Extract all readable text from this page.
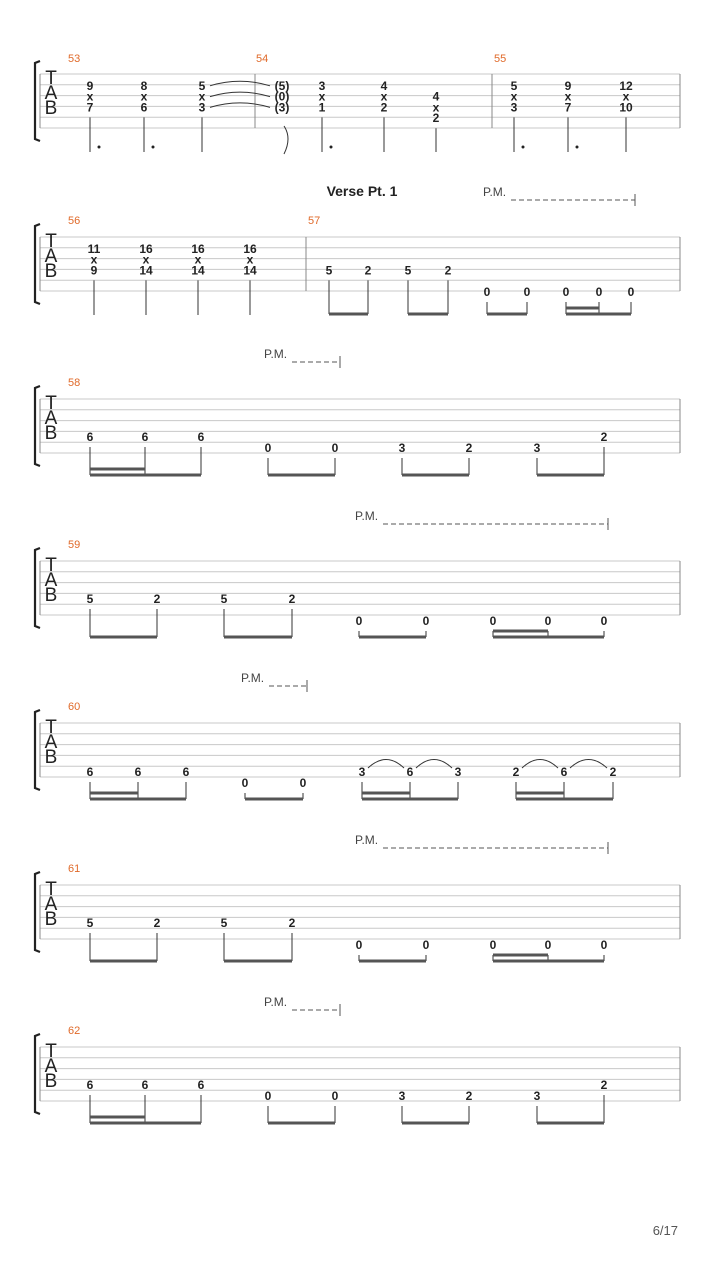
T
A
B
53	54	55
9
x
7
8
x
6
5
x
3
(5)
(0)
(3)
3
x
1
4
x
2
4
x
2
5
x
3
9
x
7
12
x
10
Verse Pt. 1	P.M.
T
A
B
56	57
11
x
9
16
x
14
16
x
14
16
x
14	5	2	5	2
0	0	0 0 0
T
A
B
58
P.M.
6	6	6
0	0	3	2	3
2
T
A
B
59
P.M.
5	2	5	2
0	0	0	0	0
T
A
B
60
P.M.
6	6	6
0	0
3	6	3	2	6	2
T
A
B
61
P.M.
5	2	5	2
0	0	0	0	0
T
A
B
62
P.M.
6	6	6
0	0	3	2	3
2
6/17
